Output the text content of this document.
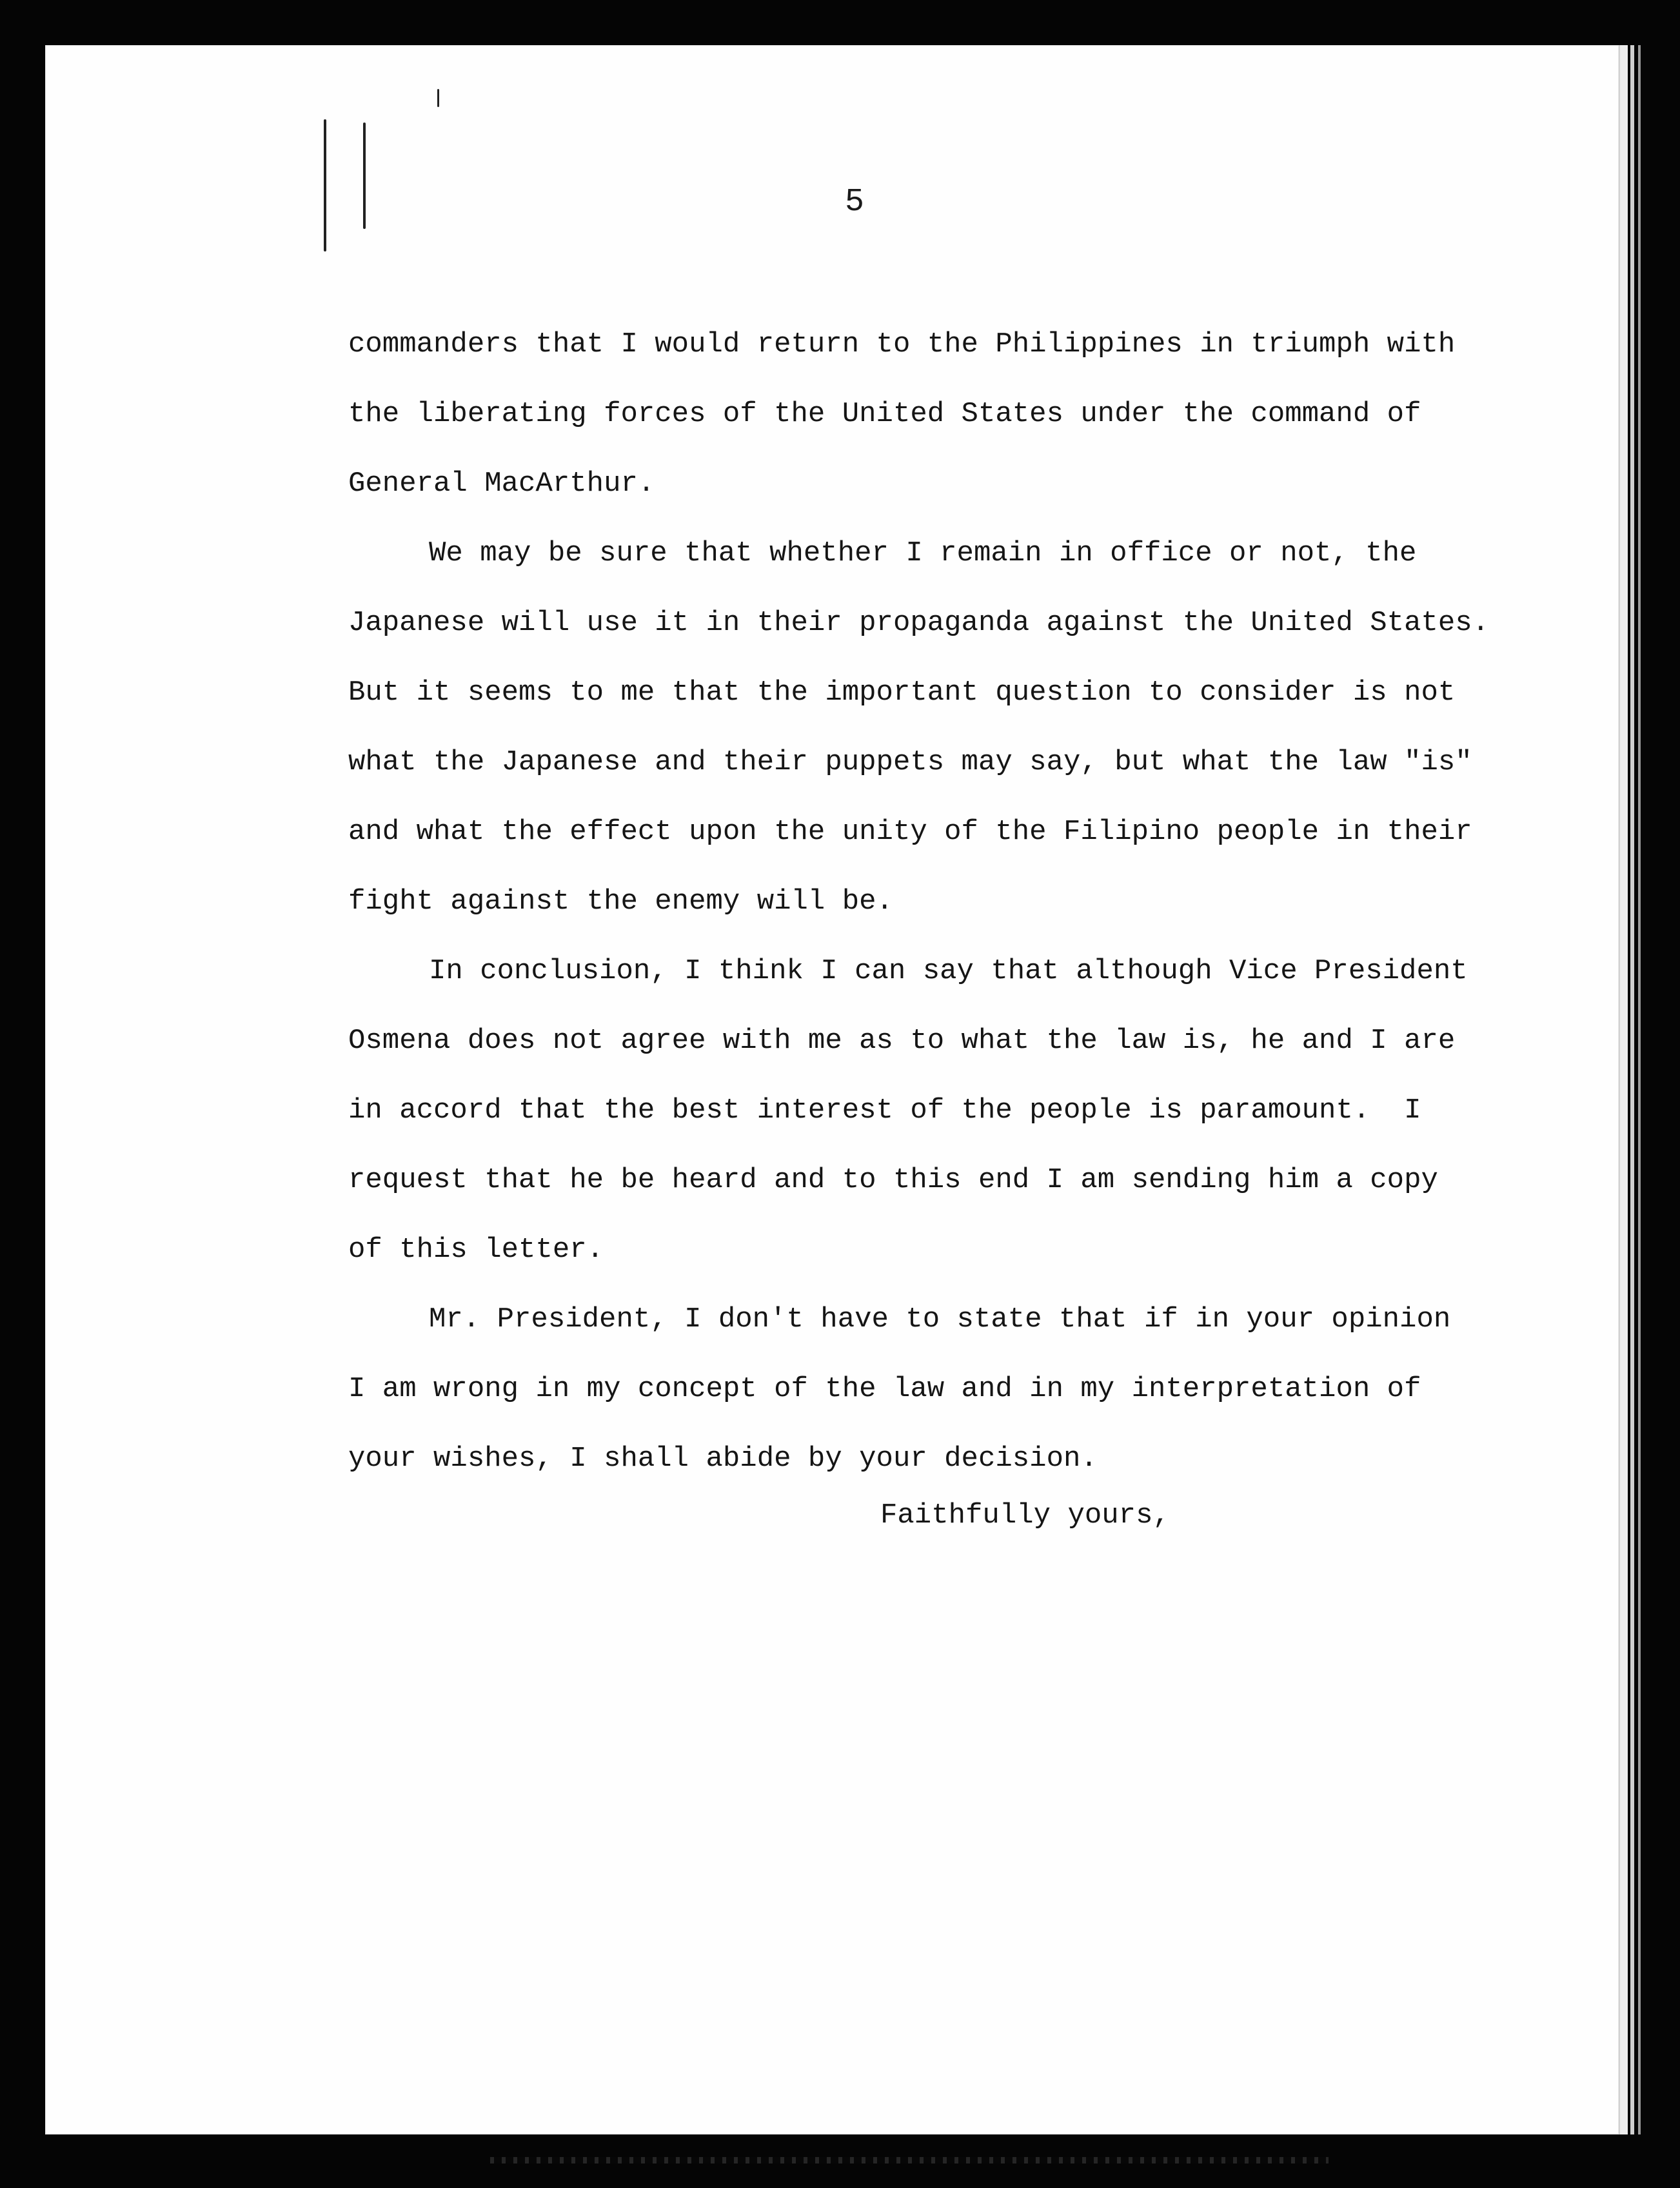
5
commanders that I would return to the Philippines in triumph with
the liberating forces of the United States under the command of
General MacArthur.
We may be sure that whether I remain in office or not, the
Japanese will use it in their propaganda against the United States.
But it seems to me that the important question to consider is not
what the Japanese and their puppets may say, but what the law "is"
and what the effect upon the unity of the Filipino people in their
fight against the enemy will be.
In conclusion, I think I can say that although Vice President
Osmena does not agree with me as to what the law is, he and I are
in accord that the best interest of the people is paramount.  I
request that he be heard and to this end I am sending him a copy
of this letter.
Mr. President, I don't have to state that if in your opinion
I am wrong in my concept of the law and in my interpretation of
your wishes, I shall abide by your decision.
Faithfully yours,
